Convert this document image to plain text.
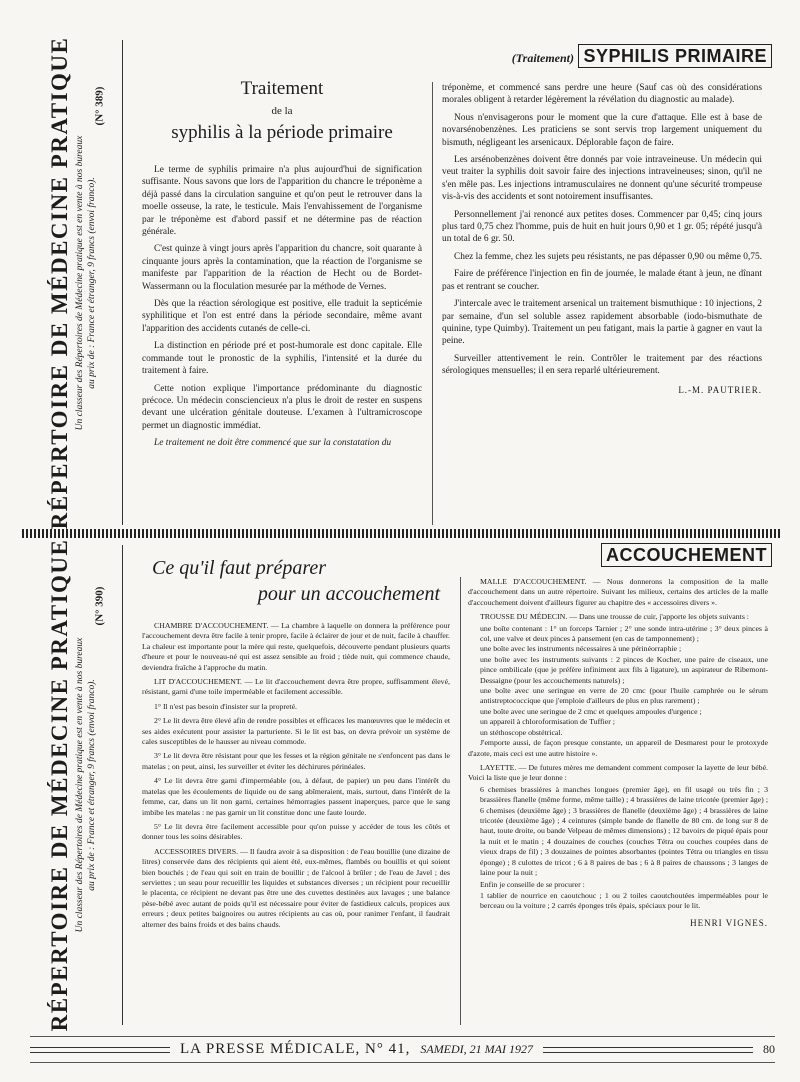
RÉPERTOIRE DE MÉDECINE PRATIQUE Un classeur des Répertoires de Médecine pratique est en vente à nos bureaux au prix de : France et étranger, 9 francs (envoi franco).
(N° 389)
(Traitement) SYPHILIS PRIMAIRE
Traitement
de la
syphilis à la période primaire

Le terme de syphilis primaire n'a plus aujourd'hui de signification suffisante. Nous savons que lors de l'apparition du chancre le tréponème a déjà passé dans la circulation sanguine et qu'on peut le retrouver dans la moelle osseuse, la rate, le testicule. Mais l'envahissement de l'organisme par le tréponème est d'abord passif et ne détermine pas de réaction générale.

C'est quinze à vingt jours après l'apparition du chancre, soit quarante à cinquante jours après la contamination, que la réaction de l'organisme se manifeste par l'apparition de la réaction de Hecht ou de Bordet-Wassermann ou la floculation mesurée par la méthode de Vernes.

Dès que la réaction sérologique est positive, elle traduit la septicémie syphilitique et l'on est entré dans la période secondaire, même avant l'apparition des accidents cutanés de celle-ci.

La distinction en période pré et post-humorale est donc capitale. Elle commande tout le pronostic de la syphilis, l'intensité et la durée du traitement à faire.

Cette notion explique l'importance prédominante du diagnostic précoce. Un médecin consciencieux n'a plus le droit de rester en suspens devant une ulcération génitale douteuse. L'examen à l'ultramicroscope permet un diagnostic immédiat.

Le traitement ne doit être commencé que sur la constatation du

tréponème, et commencé sans perdre une heure (Sauf cas où des considérations morales obligent à retarder légèrement la révélation du diagnostic au malade).

Nous n'envisagerons pour le moment que la cure d'attaque. Elle est à base de novarsénobenzènes. Les praticiens se sont servis trop largement uniquement du bismuth, négligeant les arsenicaux. Déplorable façon de faire.

Les arsénobenzènes doivent être donnés par voie intraveineuse. Un médecin qui veut traiter la syphilis doit savoir faire des injections intraveineuses; sinon, qu'il ne s'en mêle pas. Les injections intramusculaires ne donnent qu'une sécurité trompeuse vis-à-vis des accidents et sont notoirement insuffisantes.

Personnellement j'ai renoncé aux petites doses. Commencer par 0,45; cinq jours plus tard 0,75 chez l'homme, puis de huit en huit jours 0,90 et 1 gr. 05; répété jusqu'à un total de 6 gr. 50.

Chez la femme, chez les sujets peu résistants, ne pas dépasser 0,90 ou même 0,75.

Faire de préférence l'injection en fin de journée, le malade étant à jeun, ne dînant pas et rentrant se coucher.

J'intercale avec le traitement arsenical un traitement bismuthique : 10 injections, 2 par semaine, d'un sel soluble assez rapidement absorbable (iodo-bismuthate de quinine, type Quimby). Traitement un peu fatigant, mais la partie à gagner en vaut la peine.

Surveiller attentivement le rein. Contrôler le traitement par des réactions sérologiques mensuelles; il en sera reparlé ultérieurement.

L.-M. PAUTRIER.
RÉPERTOIRE DE MÉDECINE PRATIQUE Un classeur des Répertoires de Médecine pratique est en vente à nos bureaux au prix de : France et étranger, 9 francs (envoi franco).
(N° 390)
ACCOUCHEMENT
Ce qu'il faut préparer
pour un accouchement

CHAMBRE D'ACCOUCHEMENT. — La chambre à laquelle on donnera la préférence pour l'accouchement devra être facile à tenir propre, facile à éclairer de jour et de nuit, facile à chauffer. La chaleur est importante pour la mère qui reste, quelquefois, découverte pendant plusieurs quarts d'heure et pour le nouveau-né qui est assez sensible au froid ; tiède nuit, qui commence chaude, deviendra fraîche à l'approche du matin.

LIT D'ACCOUCHEMENT. — Le lit d'accouchement devra être propre, suffisamment élevé, résistant, garni d'une toile imperméable et facilement accessible.

1° Il n'est pas besoin d'insister sur la propreté.

2° Le lit devra être élevé afin de rendre possibles et efficaces les manœuvres que le médecin et ses aides exécutent pour assister la parturiente. Si le lit est bas, on devra prévoir un système de cales susceptibles de le hausser au niveau commode.

3° Le lit devra être résistant pour que les fesses et la région génitale ne s'enfoncent pas dans le matelas ; on peut, ainsi, les surveiller et éviter les déchirures périnéales.

4° Le lit devra être garni d'imperméable (ou, à défaut, de papier) un peu dans l'intérêt du matelas que les écoulements de liquide ou de sang abîmeraient, mais, surtout, dans l'intérêt de la femme, car, dans un lit non garni, certaines hémorragies passent inaperçues, parce que le sang imbibe les matelas : ne pas garnir un lit constitue donc une faute lourde.

5° Le lit devra être facilement accessible pour qu'on puisse y accéder de tous les côtés et donner tous les soins désirables.

ACCESSOIRES DIVERS. — Il faudra avoir à sa disposition : de l'eau bouillie (une dizaine de litres) conservée dans des récipients qui aient été, eux-mêmes, flambés ou bouillis et qui soient bien bouchés ; de l'eau qui soit en train de bouillir ; de l'alcool à brûler ; de l'eau de Javel ; des serviettes ; un seau pour recueillir les liquides et substances diverses ; un récipient pour recueillir le placenta, ce récipient ne devant pas être une des cuvettes destinées aux lavages ; une balance pèse-bébé avec autant de poids qu'il est nécessaire pour éviter de fastidieux calculs, propices aux erreurs ; deux petites baignoires ou autres récipients au cas où, pour ranimer l'enfant, il faudrait alterner des bains froids et des bains chauds.

MALLE D'ACCOUCHEMENT. — Nous donnerons la composition de la malle d'accouchement dans un autre répertoire. Suivant les milieux, certains des articles de la malle d'accouchement doivent d'ailleurs figurer au chapitre des « accessoires divers ».

TROUSSE DU MÉDECIN. — Dans une trousse de cuir, j'apporte les objets suivants :

une boîte contenant : 1° un forceps Tarnier ; 2° une sonde intra-utérine ; 3° deux pinces à col, une valve et deux pinces à pansement (en cas de tamponnement) ;
une boîte avec les instruments nécessaires à une périnéorraphie ;
une boîte avec les instruments suivants : 2 pinces de Kocher, une paire de ciseaux, une pince ombilicale (que je préfère infiniment aux fils à ligature), un aspirateur de Ribemont-Dessaigne (pour les accouchements naturels) ;
une boîte avec une seringue en verre de 20 cmc (pour l'huile camphrée ou le sérum antistreptococcique que j'emploie d'ailleurs de plus en plus rarement) ;
une boîte avec une seringue de 2 cmc et quelques ampoules d'urgence ;
un appareil à chloroformisation de Tuffier ;
un stéthoscope obstétrical.

J'emporte aussi, de façon presque constante, un appareil de Desmarest pour le protoxyde d'azote, mais ceci est une autre histoire ».

LAYETTE. — De futures mères me demandent comment composer la layette de leur bébé. Voici la liste que je leur donne :

6 chemises brassières à manches longues (premier âge), en fil usagé ou très fin ; 3 brassières flanelle (même forme, même taille) ; 4 brassières de laine tricotée (premier âge) ; 6 chemises (deuxième âge) ; 3 brassières de flanelle (deuxième âge) ; 4 brassières de laine tricotée (deuxième âge) ; 4 ceintures (simple bande de flanelle de 80 cm. de long sur 8 de haut, toute droite, ou bande Velpeau de mêmes dimensions) ; 12 bavoirs de piqué épais pour la nuit et le matin ; 4 douzaines de couches (couches Tétra ou couches coupées dans de vieux draps de fil) ; 3 douzaines de pointes absorbantes (pointes Tétra ou triangles en tissu éponge) ; 8 culottes de tricot ; 6 à 8 paires de bas ; 6 à 8 paires de chaussons ; 3 langes de laine pour la nuit ;

Enfin je conseille de se procurer :

1 tablier de nourrice en caoutchouc ; 1 ou 2 toiles caoutchoutées imperméables pour le berceau ou la voiture ; 2 carrés éponges très épais, spéciaux pour le lit.
HENRI VIGNES.
LA PRESSE MÉDICALE, N° 41, SAMEDI, 21 MAI 1927	80
